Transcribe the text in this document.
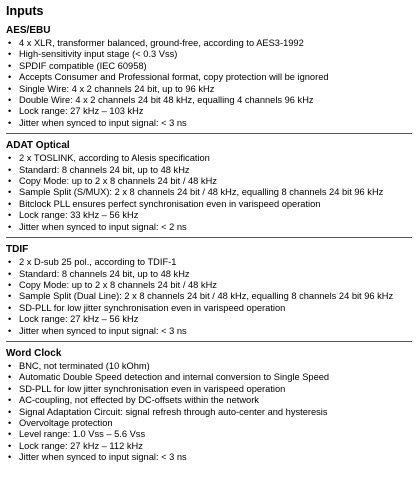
Inputs
AES/EBU
• 4 x XLR, transformer balanced, ground-free, according to AES3-1992
• High-sensitivity input stage (< 0.3 Vss)
• SPDIF compatible (IEC 60958)
• Accepts Consumer and Professional format, copy protection will be ignored
• Single Wire: 4 x 2 channels 24 bit, up to 96 kHz
• Double Wire: 4 x 2 channels 24 bit 48 kHz, equalling 4 channels 96 kHz
• Lock range: 27 kHz – 103 kHz
• Jitter when synced to input signal: < 3 ns
ADAT Optical
• 2 x TOSLINK, according to Alesis specification
• Standard: 8 channels 24 bit, up to 48 kHz
• Copy Mode: up to 2 x 8 channels 24 bit / 48 kHz
• Sample Split (S/MUX): 2 x 8 channels 24 bit / 48 kHz, equalling 8 channels 24 bit 96 kHz
• Bitclock PLL ensures perfect synchronisation even in varispeed operation
• Lock range: 33 kHz – 56 kHz
• Jitter when synced to input signal: < 2 ns
TDIF
• 2 x D-sub 25 pol., according to TDIF-1
• Standard: 8 channels 24 bit, up to 48 kHz
• Copy Mode: up to 2 x 8 channels 24 bit / 48 kHz
• Sample Split (Dual Line): 2 x 8 channels 24 bit / 48 kHz, equalling 8 channels 24 bit 96 kHz
• SD-PLL for low jitter synchronisation even in varispeed operation
• Lock range: 27 kHz – 56 kHz
• Jitter when synced to input signal: < 3 ns
Word Clock
• BNC, not terminated (10 kOhm)
• Automatic Double Speed detection and internal conversion to Single Speed
• SD-PLL for low jitter synchronisation even in varispeed operation
• AC-coupling, not effected by DC-offsets within the network
• Signal Adaptation Circuit: signal refresh through auto-center and hysteresis
• Overvoltage protection
• Level range: 1.0 Vss – 5.6 Vss
• Lock range: 27 kHz – 112 kHz
• Jitter when synced to input signal: < 3 ns
